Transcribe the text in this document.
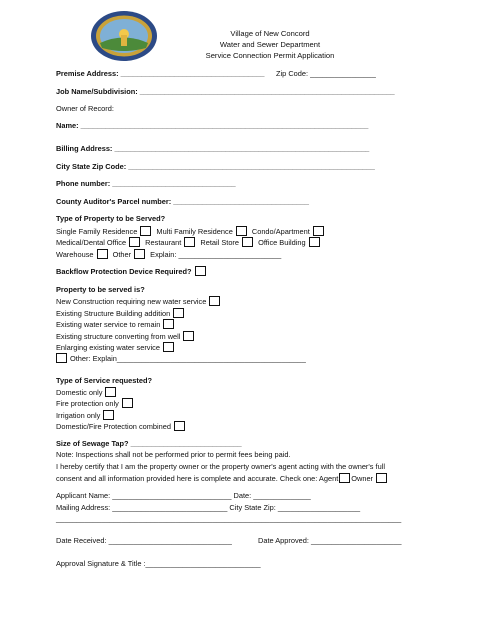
Village of New Concord
Water and Sewer Department
Service Connection Permit Application
Premise Address: ___________________________________ Zip Code: ________________
Job Name/Subdivision: ______________________________________________________________
Owner of Record:
Name: ______________________________________________________________________
Billing Address: ______________________________________________________________
City State Zip Code: ____________________________________________________________
Phone number: ______________________________
County Auditor's Parcel number: _________________________________
Type of Property to be Served?
Single Family Residence	Multi Family Residence	Condo/Apartment
Medical/Dental Office	Restaurant	Retail Store	Office Building
Warehouse	Other	Explain: _________________________
Backflow Protection Device Required?
Property to be served is?
New Construction requiring new water service
Existing Structure Building addition
Existing water service to remain
Existing structure converting from well
Enlarging existing water service
Other: Explain______________________________________________
Type of Service requested?
Domestic only
Fire protection only
Irrigation only
Domestic/Fire Protection combined
Size of Sewage Tap? ___________________________
Note: Inspections shall not be performed prior to permit fees being paid.
I hereby certify that I am the property owner or the property owner's agent acting with the owner's full
consent and all information provided here is complete and accurate. Check one: Agent Owner
Applicant Name: _____________________________ Date: ______________
Mailing Address: ____________________________ City State Zip: ____________________
____________________________________________________________________________________
Date Received: ______________________________	Date Approved: ______________________
Approval Signature & Title :____________________________
